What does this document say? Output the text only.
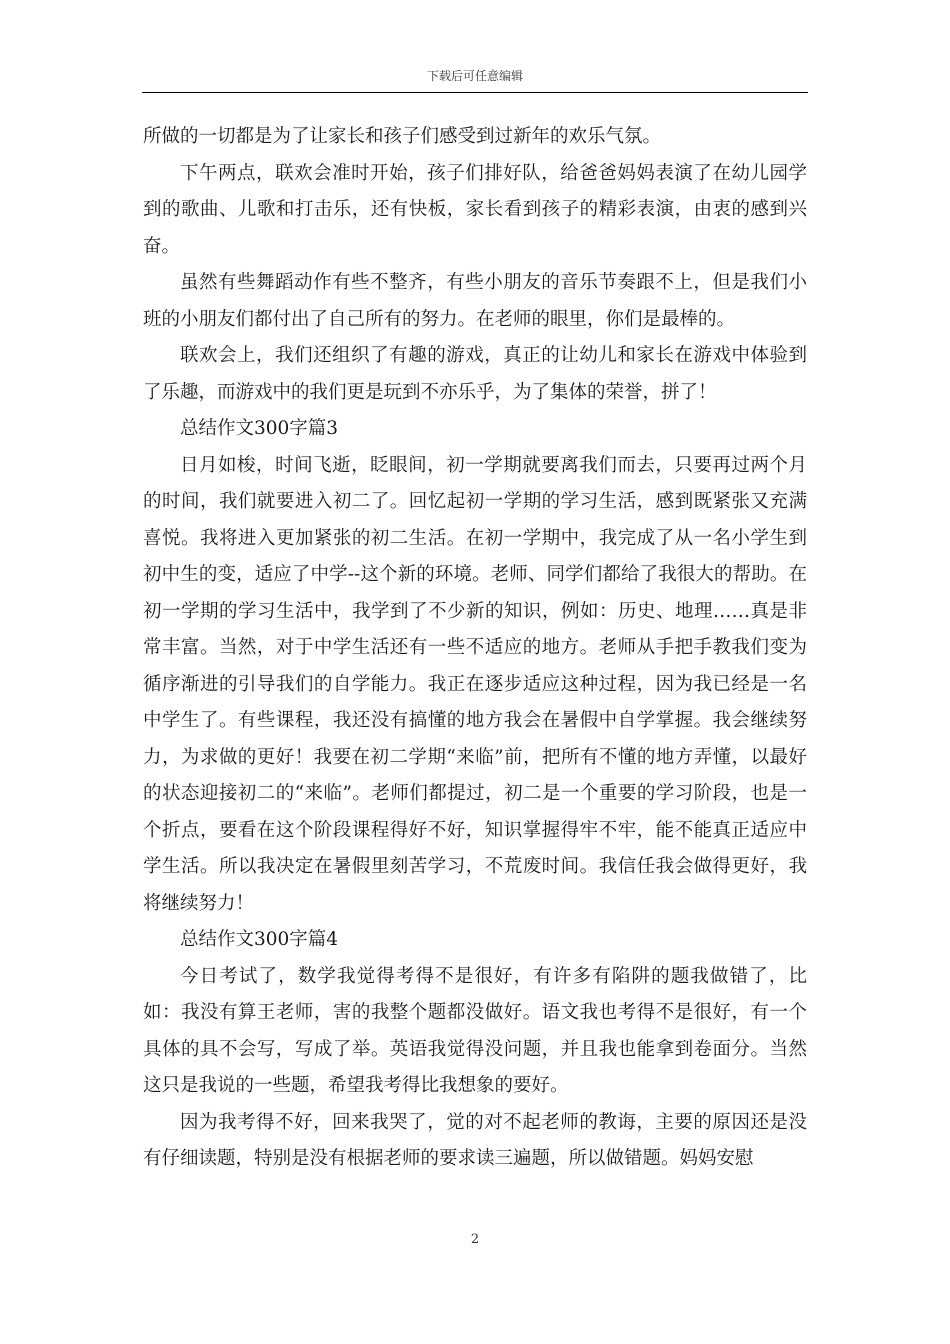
下载后可任意编辑

所做的一切都是为了让家长和孩子们感受到过新年的欢乐气氛。

下午两点，联欢会准时开始，孩子们排好队，给爸爸妈妈表演了在幼儿园学到的歌曲、儿歌和打击乐，还有快板，家长看到孩子的精彩表演，由衷的感到兴奋。

虽然有些舞蹈动作有些不整齐，有些小朋友的音乐节奏跟不上，但是我们小班的小朋友们都付出了自己所有的努力。在老师的眼里，你们是最棒的。

联欢会上，我们还组织了有趣的游戏，真正的让幼儿和家长在游戏中体验到了乐趣，而游戏中的我们更是玩到不亦乐乎，为了集体的荣誉，拼了！

总结作文300字篇3

日月如梭，时间飞逝，眨眼间，初一学期就要离我们而去，只要再过两个月的时间，我们就要进入初二了。回忆起初一学期的学习生活，感到既紧张又充满喜悦。我将进入更加紧张的初二生活。在初一学期中，我完成了从一名小学生到初中生的变，适应了中学--这个新的环境。老师、同学们都给了我很大的帮助。在初一学期的学习生活中，我学到了不少新的知识，例如：历史、地理……真是非常丰富。当然，对于中学生活还有一些不适应的地方。老师从手把手教我们变为循序渐进的引导我们的自学能力。我正在逐步适应这种过程，因为我已经是一名中学生了。有些课程，我还没有搞懂的地方我会在暑假中自学掌握。我会继续努力，为求做的更好！我要在初二学期“来临”前，把所有不懂的地方弄懂，以最好的状态迎接初二的“来临”。老师们都提过，初二是一个重要的学习阶段，也是一个折点，要看在这个阶段课程得好不好，知识掌握得牢不牢，能不能真正适应中学生活。所以我决定在暑假里刻苦学习，不荒废时间。我信任我会做得更好，我将继续努力！

总结作文300字篇4

今日考试了，数学我觉得考得不是很好，有许多有陷阱的题我做错了，比如：我没有算王老师，害的我整个题都没做好。语文我也考得不是很好，有一个具体的具不会写，写成了举。英语我觉得没问题，并且我也能拿到卷面分。当然这只是我说的一些题，希望我考得比我想象的要好。

因为我考得不好，回来我哭了，觉的对不起老师的教诲，主要的原因还是没有仔细读题，特别是没有根据老师的要求读三遍题，所以做错题。妈妈安慰

2
